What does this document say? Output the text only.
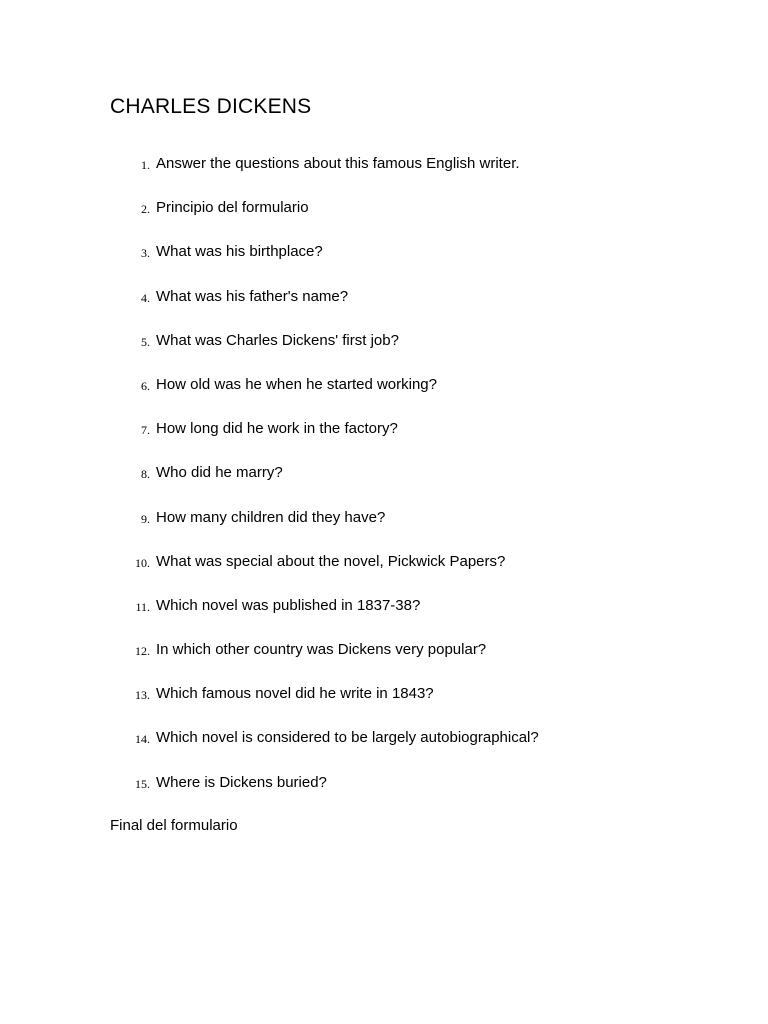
CHARLES DICKENS
1. Answer the questions about this famous English writer.
2. Principio del formulario
3. What was his birthplace?
4. What was his father's name?
5. What was Charles Dickens' first job?
6. How old was he when he started working?
7. How long did he work in the factory?
8. Who did he marry?
9. How many children did they have?
10. What was special about the novel, Pickwick Papers?
11. Which novel was published in 1837-38?
12. In which other country was Dickens very popular?
13. Which famous novel did he write in 1843?
14. Which novel is considered to be largely autobiographical?
15. Where is Dickens buried?

Final del formulario
